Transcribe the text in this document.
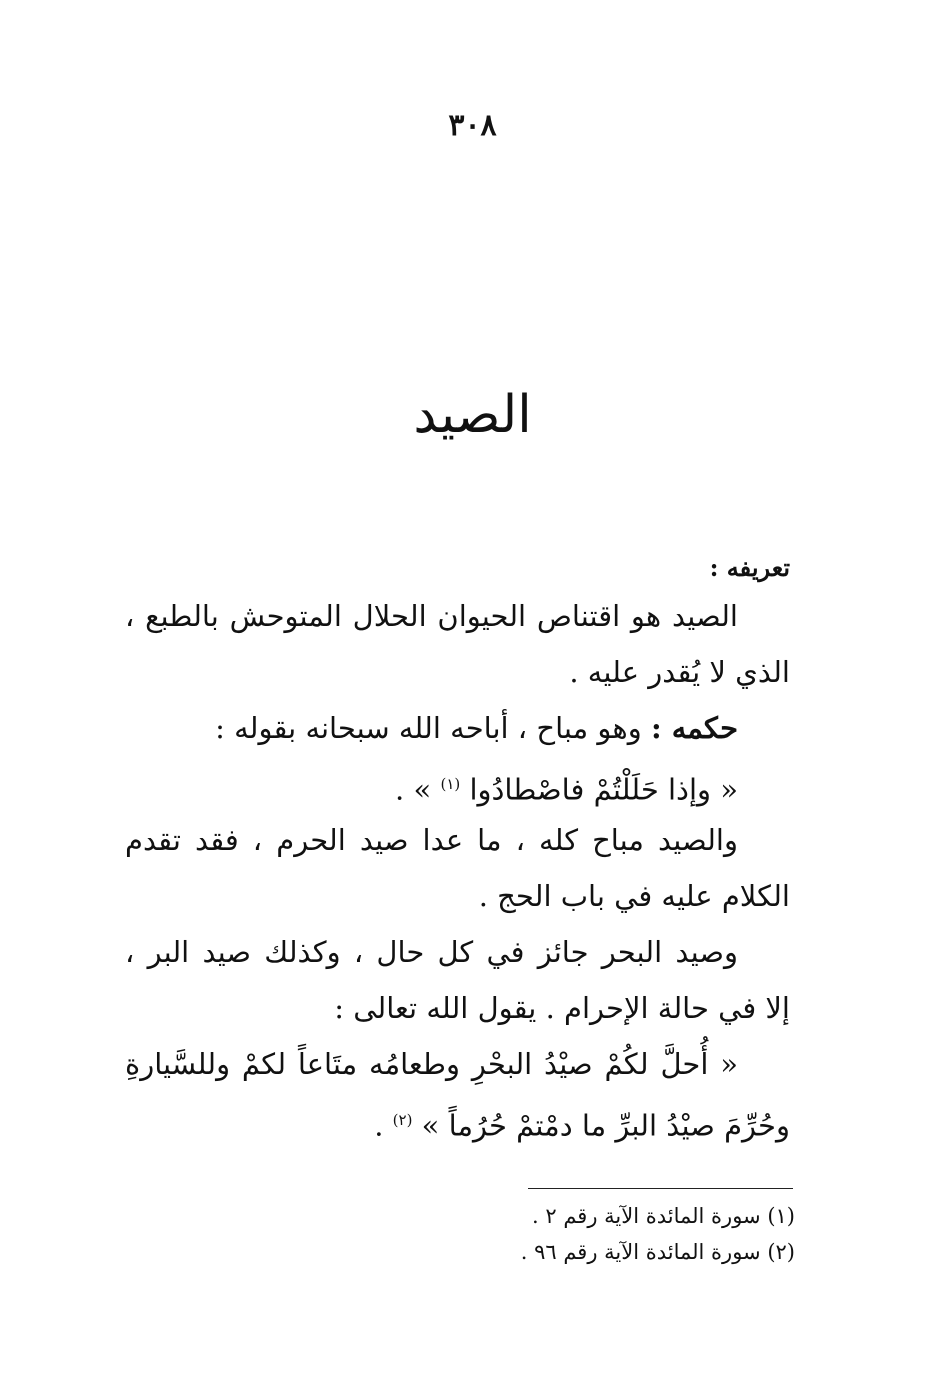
٣٠٨
الصيد
تعريفه :
الصيد هو اقتناص الحيوان الحلال المتوحش بالطبع ،
الذي لا يُقدر عليه .
حكمه : وهو مباح ، أباحه الله سبحانه بقوله :
« وإذا حَلَلْتُمْ فاصْطادُوا $^{(١)}$ » .
والصيد مباح كله ، ما عدا صيد الحرم ، فقد تقدم
الكلام عليه في باب الحج .
وصيد البحر جائز في كل حال ، وكذلك صيد البر ،
إلا في حالة الإحرام . يقول الله تعالى :
« أُحلَّ لكُمْ صيْدُ البحْرِ وطعامُه متَاعاً لكمْ وللسَّيارةِ
وحُرِّمَ صيْدُ البرِّ ما دمْتمْ حُرُماً » $^{(٢)}$ .
(١) سورة المائدة الآية رقم ٢ .
(٢) سورة المائدة الآية رقم ٩٦ .
